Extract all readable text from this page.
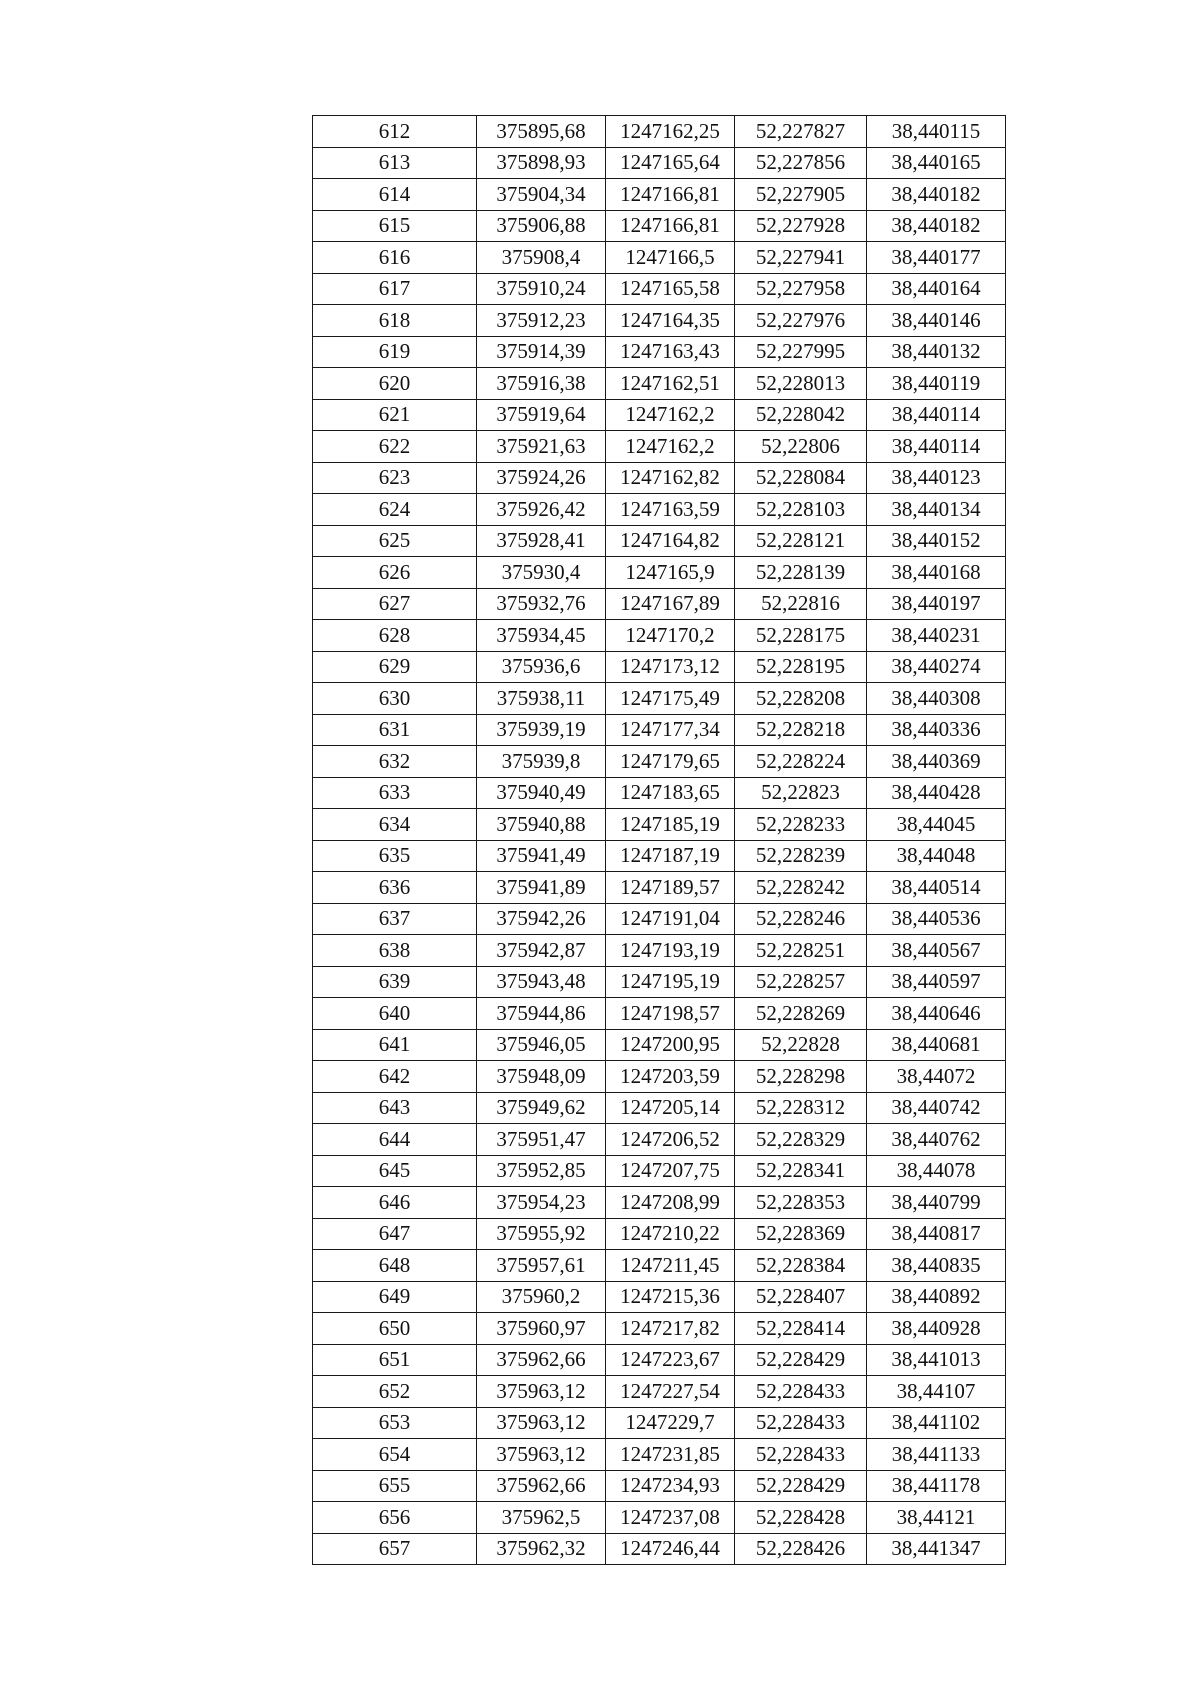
612	375895,68	1247162,25	52,227827	38,440115
613	375898,93	1247165,64	52,227856	38,440165
614	375904,34	1247166,81	52,227905	38,440182
615	375906,88	1247166,81	52,227928	38,440182
616	375908,4	1247166,5	52,227941	38,440177
617	375910,24	1247165,58	52,227958	38,440164
618	375912,23	1247164,35	52,227976	38,440146
619	375914,39	1247163,43	52,227995	38,440132
620	375916,38	1247162,51	52,228013	38,440119
621	375919,64	1247162,2	52,228042	38,440114
622	375921,63	1247162,2	52,22806	38,440114
623	375924,26	1247162,82	52,228084	38,440123
624	375926,42	1247163,59	52,228103	38,440134
625	375928,41	1247164,82	52,228121	38,440152
626	375930,4	1247165,9	52,228139	38,440168
627	375932,76	1247167,89	52,22816	38,440197
628	375934,45	1247170,2	52,228175	38,440231
629	375936,6	1247173,12	52,228195	38,440274
630	375938,11	1247175,49	52,228208	38,440308
631	375939,19	1247177,34	52,228218	38,440336
632	375939,8	1247179,65	52,228224	38,440369
633	375940,49	1247183,65	52,22823	38,440428
634	375940,88	1247185,19	52,228233	38,44045
635	375941,49	1247187,19	52,228239	38,44048
636	375941,89	1247189,57	52,228242	38,440514
637	375942,26	1247191,04	52,228246	38,440536
638	375942,87	1247193,19	52,228251	38,440567
639	375943,48	1247195,19	52,228257	38,440597
640	375944,86	1247198,57	52,228269	38,440646
641	375946,05	1247200,95	52,22828	38,440681
642	375948,09	1247203,59	52,228298	38,44072
643	375949,62	1247205,14	52,228312	38,440742
644	375951,47	1247206,52	52,228329	38,440762
645	375952,85	1247207,75	52,228341	38,44078
646	375954,23	1247208,99	52,228353	38,440799
647	375955,92	1247210,22	52,228369	38,440817
648	375957,61	1247211,45	52,228384	38,440835
649	375960,2	1247215,36	52,228407	38,440892
650	375960,97	1247217,82	52,228414	38,440928
651	375962,66	1247223,67	52,228429	38,441013
652	375963,12	1247227,54	52,228433	38,44107
653	375963,12	1247229,7	52,228433	38,441102
654	375963,12	1247231,85	52,228433	38,441133
655	375962,66	1247234,93	52,228429	38,441178
656	375962,5	1247237,08	52,228428	38,44121
657	375962,32	1247246,44	52,228426	38,441347
